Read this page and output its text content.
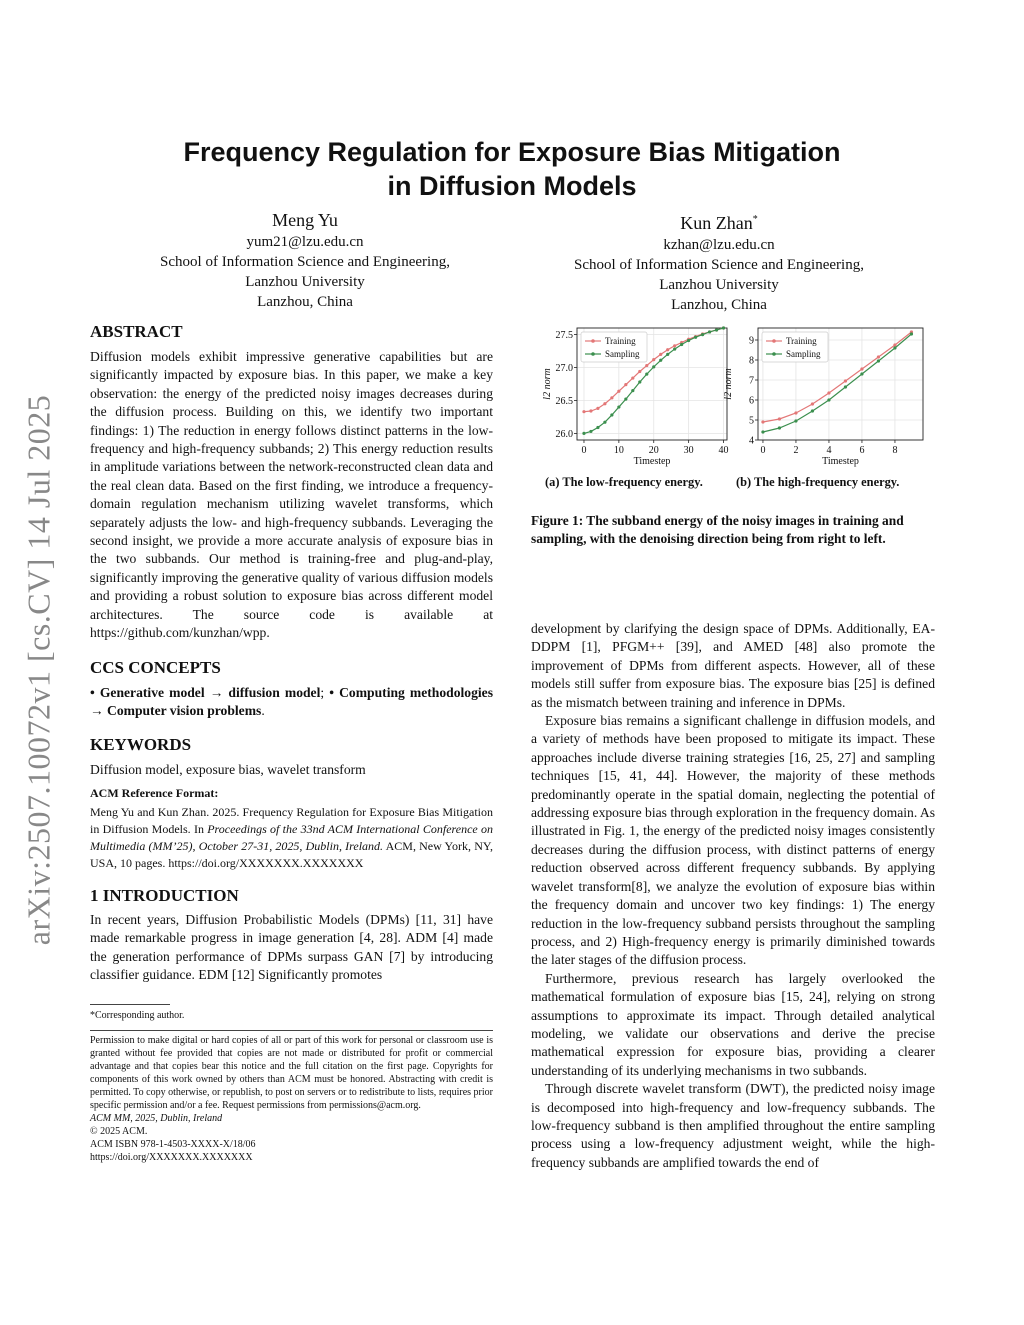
arXiv:2507.10072v1 [cs.CV] 14 Jul 2025
Frequency Regulation for Exposure Bias Mitigation
in Diffusion Models
Meng Yu
yum21@lzu.edu.cn
School of Information Science and Engineering,
Lanzhou University
Lanzhou, China
Kun Zhan*
kzhan@lzu.edu.cn
School of Information Science and Engineering,
Lanzhou University
Lanzhou, China
ABSTRACT

Diffusion models exhibit impressive generative capabilities but are significantly impacted by exposure bias. In this paper, we make a key observation: the energy of the predicted noisy images decreases during the diffusion process. Building on this, we identify two important findings: 1) The reduction in energy follows distinct patterns in the low-frequency and high-frequency subbands; 2) This energy reduction results in amplitude variations between the network-reconstructed clean data and the real clean data. Based on the first finding, we introduce a frequency-domain regulation mechanism utilizing wavelet transforms, which separately adjusts the low- and high-frequency subbands. Leveraging the second insight, we provide a more accurate analysis of exposure bias in the two subbands. Our method is training-free and plug-and-play, significantly improving the generative quality of various diffusion models and providing a robust solution to exposure bias across different model architectures. The source code is available at https://github.com/kunzhan/wpp.

CCS CONCEPTS

• Generative model → diffusion model; • Computing methodologies → Computer vision problems.

KEYWORDS

Diffusion model, exposure bias, wavelet transform

ACM Reference Format:

Meng Yu and Kun Zhan. 2025. Frequency Regulation for Exposure Bias Mitigation in Diffusion Models. In Proceedings of the 33nd ACM International Conference on Multimedia (MM’25), October 27-31, 2025, Dublin, Ireland. ACM, New York, NY, USA, 10 pages. https://doi.org/XXXXXXX.XXXXXXX

1 INTRODUCTION

In recent years, Diffusion Probabilistic Models (DPMs) [11, 31] have made remarkable progress in image generation [4, 28]. ADM [4] made the generation performance of DPMs surpass GAN [7] by introducing classifier guidance. EDM [12] Significantly promotes

*Corresponding author.
Permission to make digital or hard copies of all or part of this work for personal or classroom use is granted without fee provided that copies are not made or distributed for profit or commercial advantage and that copies bear this notice and the full citation on the first page. Copyrights for components of this work owned by others than ACM must be honored. Abstracting with credit is permitted. To copy otherwise, or republish, to post on servers or to redistribute to lists, requires prior specific permission and/or a fee. Request permissions from permissions@acm.org.
ACM MM, 2025, Dublin, Ireland
© 2025 ACM.
ACM ISBN 978-1-4503-XXXX-X/18/06
https://doi.org/XXXXXXX.XXXXXXX
0	10 20 30 40
26.0
26.5
27.0
27.5
Timestep
l2 norm
Training
Sampling
0	2	4	6	8
4
5
6
7
8
9
Timestep
l2 norm
Training
Sampling
(a) The low-frequency energy.	(b) The high-frequency energy.
Figure 1: The subband energy of the noisy images in training and sampling, with the denoising direction being from right to left.

development by clarifying the design space of DPMs. Additionally, EA-DDPM [1], PFGM++ [39], and AMED [48] also promote the improvement of DPMs from different aspects. However, all of these models still suffer from exposure bias. The exposure bias [25] is defined as the mismatch between training and inference in DPMs.

Exposure bias remains a significant challenge in diffusion models, and a variety of methods have been proposed to mitigate its impact. These approaches include diverse training strategies [16, 25, 27] and sampling techniques [15, 41, 44]. However, the majority of these methods predominantly operate in the spatial domain, neglecting the potential of addressing exposure bias through exploration in the frequency domain. As illustrated in Fig. 1, the energy of the predicted noisy images consistently decreases during the diffusion process, with distinct patterns of energy reduction observed across different frequency subbands. By applying wavelet transform[8], we analyze the evolution of exposure bias within the frequency domain and uncover two key findings: 1) The energy reduction in the low-frequency subband persists throughout the sampling process, and 2) High-frequency energy is primarily diminished towards the later stages of the diffusion process.

Furthermore, previous research has largely overlooked the mathematical formulation of exposure bias [15, 24], relying on strong assumptions to approximate its impact. Through detailed analytical modeling, we validate our observations and derive the precise mathematical expression for exposure bias, providing a clearer understanding of its underlying mechanisms in two subbands.

Through discrete wavelet transform (DWT), the predicted noisy image is decomposed into high-frequency and low-frequency subbands. The low-frequency subband is then amplified throughout the entire sampling process using a low-frequency adjustment weight, while the high-frequency subbands are amplified towards the end of
